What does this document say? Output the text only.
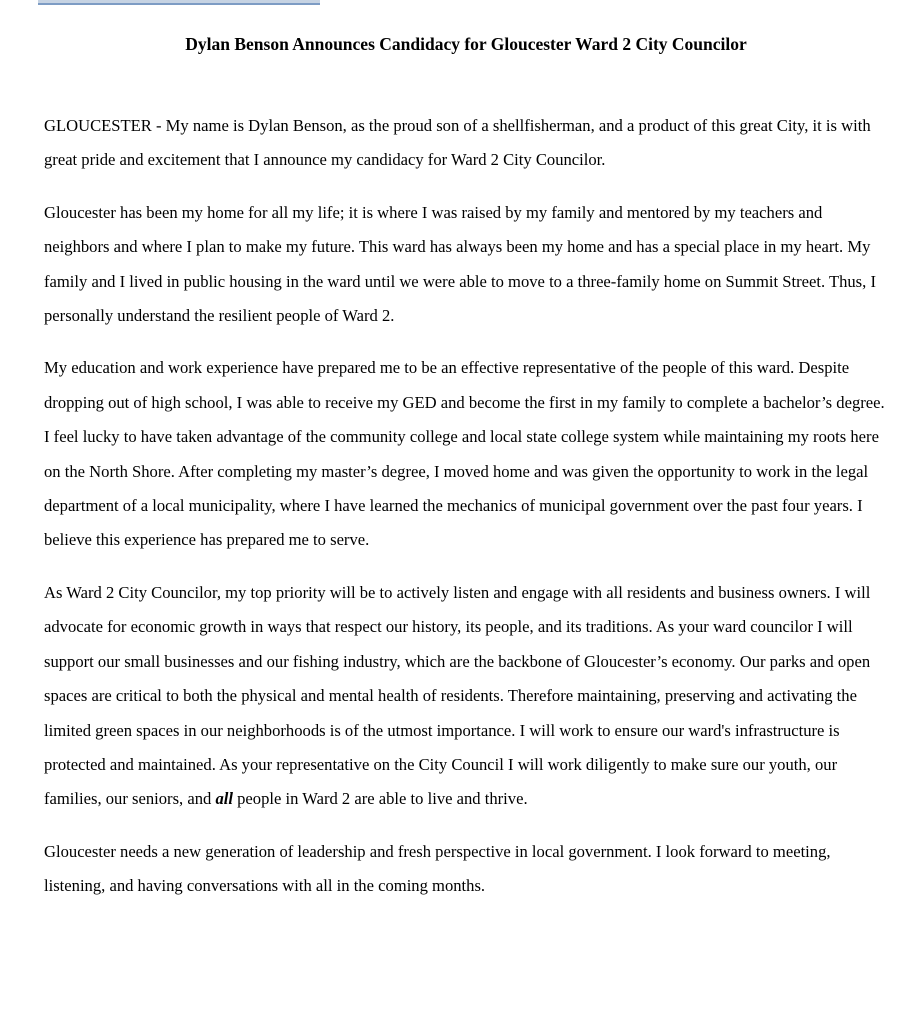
Dylan Benson Announces Candidacy for Gloucester Ward 2 City Councilor

GLOUCESTER - My name is Dylan Benson, as the proud son of a shellfisherman, and a product of this great City, it is with great pride and excitement that I announce my candidacy for Ward 2 City Councilor.

Gloucester has been my home for all my life; it is where I was raised by my family and mentored by my teachers and neighbors and where I plan to make my future. This ward has always been my home and has a special place in my heart. My family and I lived in public housing in the ward until we were able to move to a three-family home on Summit Street. Thus, I personally understand the resilient people of Ward 2.

My education and work experience have prepared me to be an effective representative of the people of this ward. Despite dropping out of high school, I was able to receive my GED and become the first in my family to complete a bachelor’s degree. I feel lucky to have taken advantage of the community college and local state college system while maintaining my roots here on the North Shore. After completing my master’s degree, I moved home and was given the opportunity to work in the legal department of a local municipality, where I have learned the mechanics of municipal government over the past four years. I believe this experience has prepared me to serve.

As Ward 2 City Councilor, my top priority will be to actively listen and engage with all residents and business owners. I will advocate for economic growth in ways that respect our history, its people, and its traditions. As your ward councilor I will support our small businesses and our fishing industry, which are the backbone of Gloucester’s economy. Our parks and open spaces are critical to both the physical and mental health of residents. Therefore maintaining, preserving and activating the limited green spaces in our neighborhoods is of the utmost importance. I will work to ensure our ward's infrastructure is protected and maintained. As your representative on the City Council I will work diligently to make sure our youth, our families, our seniors, and all people in Ward 2 are able to live and thrive.

Gloucester needs a new generation of leadership and fresh perspective in local government. I look forward to meeting, listening, and having conversations with all in the coming months.
